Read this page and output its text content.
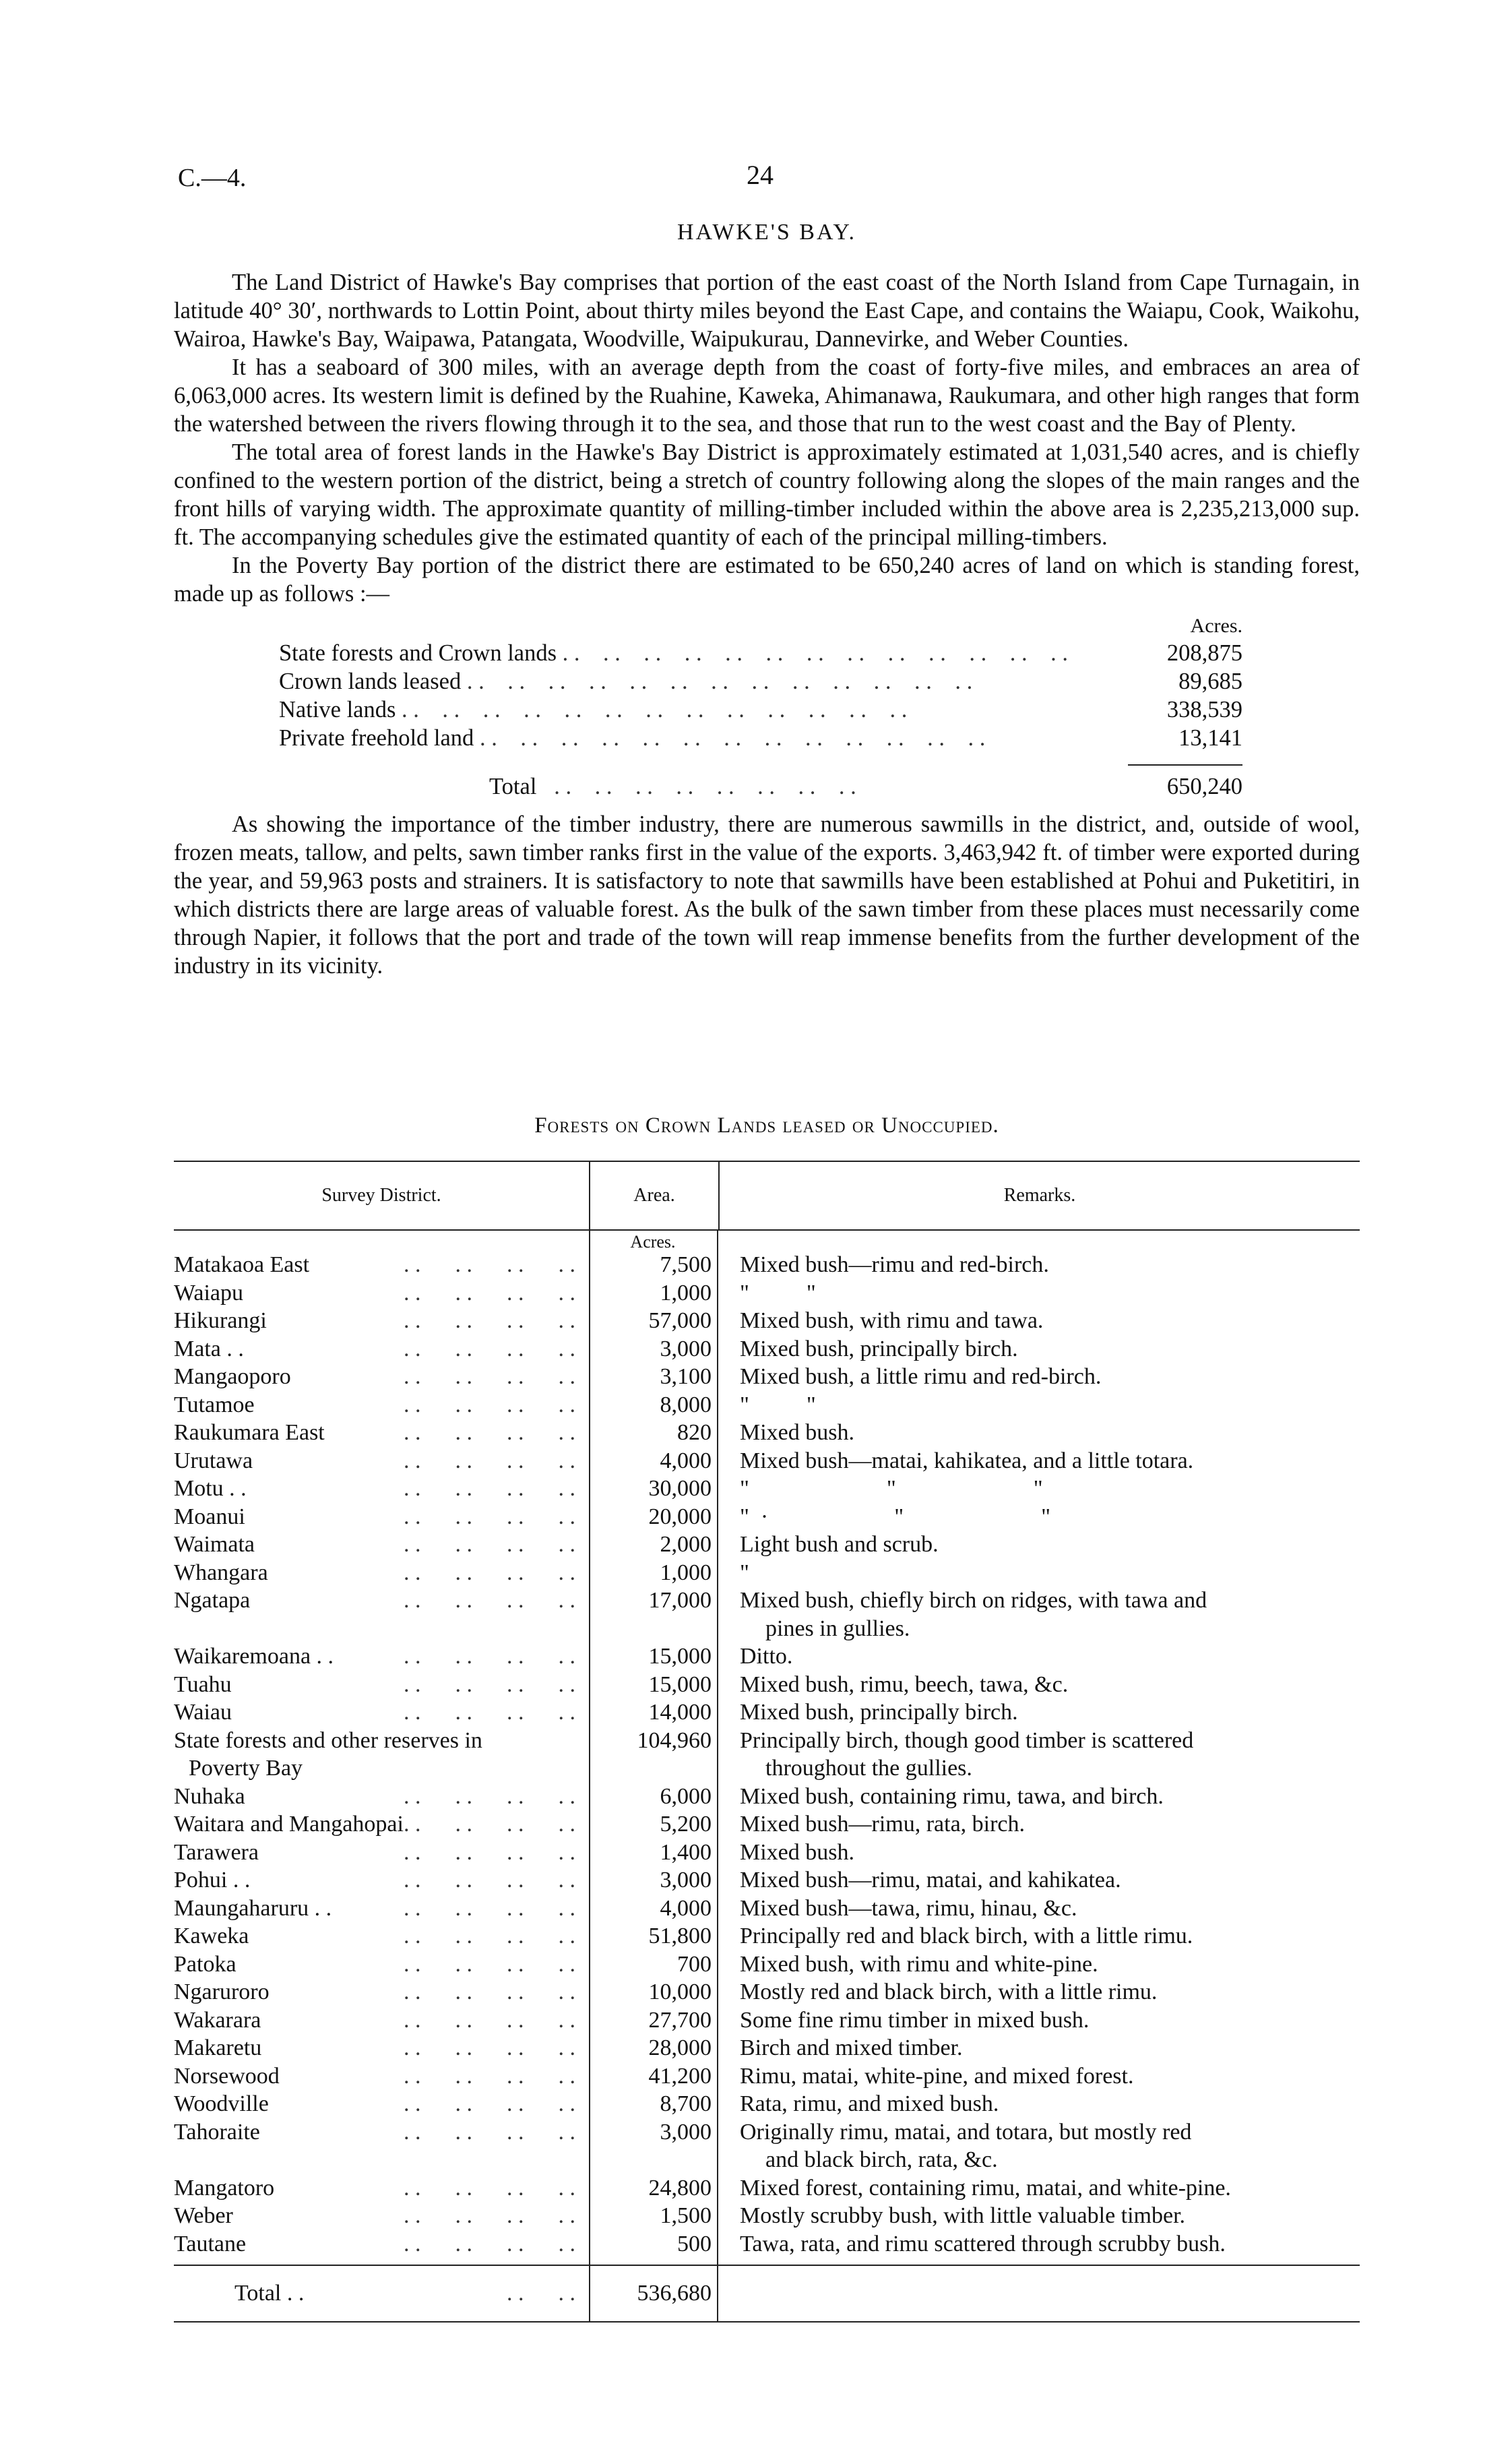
C.—4.	24
HAWKE'S BAY.

The Land District of Hawke's Bay comprises that portion of the east coast of the North Island from Cape Turnagain, in latitude 40° 30′, northwards to Lottin Point, about thirty miles beyond the East Cape, and contains the Waiapu, Cook, Waikohu, Wairoa, Hawke's Bay, Waipawa, Patangata, Woodville, Waipukurau, Dannevirke, and Weber Counties.

It has a seaboard of 300 miles, with an average depth from the coast of forty-five miles, and embraces an area of 6,063,000 acres. Its western limit is defined by the Ruahine, Kaweka, Ahimanawa, Raukumara, and other high ranges that form the watershed between the rivers flowing through it to the sea, and those that run to the west coast and the Bay of Plenty.

The total area of forest lands in the Hawke's Bay District is approximately estimated at 1,031,540 acres, and is chiefly confined to the western portion of the district, being a stretch of country following along the slopes of the main ranges and the front hills of varying width. The approximate quantity of milling-timber included within the above area is 2,235,213,000 sup. ft. The accompanying schedules give the estimated quantity of each of the principal milling-timbers.

In the Poverty Bay portion of the district there are estimated to be 650,240 acres of land on which is standing forest, made up as follows :—

Acres.
State forests and Crown lands . .	208,875
Crown lands leased . .	89,685
Native lands . .	338,539
Private freehold land . .	13,141
Total . .	650,240

As showing the importance of the timber industry, there are numerous sawmills in the district, and, outside of wool, frozen meats, tallow, and pelts, sawn timber ranks first in the value of the exports. 3,463,942 ft. of timber were exported during the year, and 59,963 posts and strainers. It is satisfactory to note that sawmills have been established at Pohui and Puketitiri, in which districts there are large areas of valuable forest. As the bulk of the sawn timber from these places must necessarily come through Napier, it follows that the port and trade of the town will reap immense benefits from the further development of the industry in its vicinity.

Forests on Crown Lands leased or Unoccupied.
Survey District.	Area.	Remarks.
Acres.
Matakaoa East	. .      . .      . .      . .	7,500	Mixed bush—rimu and red-birch.
Waiapu	. .      . .      . .      . .	1,000	"          "
Hikurangi	. .      . .      . .      . .	57,000	Mixed bush, with rimu and tawa.
Mata . .	. .      . .      . .      . .	3,000	Mixed bush, principally birch.
Mangaoporo	. .      . .      . .      . .	3,100	Mixed bush, a little rimu and red-birch.
Tutamoe	. .      . .      . .      . .	8,000	"          "
Raukumara East	. .      . .      . .      . .	820	Mixed bush.
Urutawa	. .      . .      . .      . .	4,000	Mixed bush—matai, kahikatea, and a little totara.
Motu . .	. .      . .      . .      . .	30,000	"                        "                        "
Moanui	. .      . .      . .      . .	20,000	"  ·                      "                        "
Waimata	. .      . .      . .      . .	2,000	Light bush and scrub.
Whangara	. .      . .      . .      . .	1,000	"
Ngatapa	. .      . .      . .      . .	17,000	Mixed bush, chiefly birch on ridges, with tawa and
pines in gullies.
Waikaremoana . .	. .      . .      . .      . .	15,000	Ditto.
Tuahu	. .      . .      . .      . .	15,000	Mixed bush, rimu, beech, tawa, &c.
Waiau	. .      . .      . .      . .	14,000	Mixed bush, principally birch.
State forests and other reserves in
Poverty Bay
104,960	Principally birch, though good timber is scattered
throughout the gullies.
Nuhaka	. .      . .      . .      . .	6,000	Mixed bush, containing rimu, tawa, and birch.
Waitara and Mangahopai . .      . .      . .      . .	5,200	Mixed bush—rimu, rata, birch.
Tarawera	. .      . .      . .      . .	1,400	Mixed bush.
Pohui . .	. .      . .      . .      . .	3,000	Mixed bush—rimu, matai, and kahikatea.
Maungaharuru . .	. .      . .      . .      . .	4,000	Mixed bush—tawa, rimu, hinau, &c.
Kaweka	. .      . .      . .      . .	51,800	Principally red and black birch, with a little rimu.
Patoka	. .      . .      . .      . .	700	Mixed bush, with rimu and white-pine.
Ngaruroro	. .      . .      . .      . .	10,000	Mostly red and black birch, with a little rimu.
Wakarara	. .      . .      . .      . .	27,700	Some fine rimu timber in mixed bush.
Makaretu	. .      . .      . .      . .	28,000	Birch and mixed timber.
Norsewood	. .      . .      . .      . .	41,200	Rimu, matai, white-pine, and mixed forest.
Woodville	. .      . .      . .      . .	8,700	Rata, rimu, and mixed bush.
Tahoraite	. .      . .      . .      . .	3,000	Originally rimu, matai, and totara, but mostly red
and black birch, rata, &c.
Mangatoro	. .      . .      . .      . .	24,800	Mixed forest, containing rimu, matai, and white-pine.
Weber	. .      . .      . .      . .	1,500	Mostly scrubby bush, with little valuable timber.
Tautane	. .      . .      . .      . .	500	Tawa, rata, and rimu scattered through scrubby bush.
Total . .	. .      . .	536,680
